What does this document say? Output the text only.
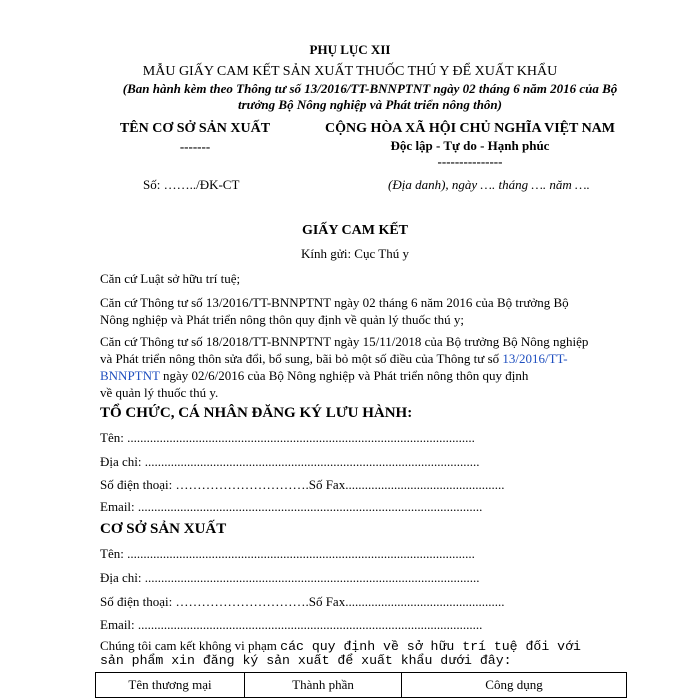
PHỤ LỤC XII
MẪU GIẤY CAM KẾT SẢN XUẤT THUỐC THÚ Y ĐỂ XUẤT KHẨU
(Ban hành kèm theo Thông tư số 13/2016/TT-BNNPTNT ngày 02 tháng 6 năm 2016 của Bộ
trưởng Bộ Nông nghiệp và Phát triển nông thôn)
TÊN CƠ SỞ SẢN XUẤT
-------
Số: ……../ĐK-CT
CỘNG HÒA XÃ HỘI CHỦ NGHĨA VIỆT NAM
Độc lập - Tự do - Hạnh phúc
---------------
(Địa danh), ngày …. tháng …. năm ….
GIẤY CAM KẾT
Kính gửi: Cục Thú y
Căn cứ Luật sở hữu trí tuệ;
Căn cứ Thông tư số 13/2016/TT-BNNPTNT ngày 02 tháng 6 năm 2016 của Bộ trưởng Bộ
Nông nghiệp và Phát triển nông thôn quy định về quản lý thuốc thú y;
Căn cứ Thông tư số 18/2018/TT-BNNPTNT ngày 15/11/2018 của Bộ trưởng Bộ Nông nghiệp
và Phát triển nông thôn sửa đổi, bổ sung, bãi bỏ một số điều của Thông tư số 13/2016/TT-
BNNPTNT ngày 02/6/2016 của Bộ Nông nghiệp và Phát triển nông thôn quy định
về quản lý thuốc thú y.
TỔ CHỨC, CÁ NHÂN ĐĂNG KÝ LƯU HÀNH:
Tên: ...........................................................................................................
Địa chỉ: .......................................................................................................
Số điện thoại: ………………………….Số Fax.................................................
Email: ..........................................................................................................
CƠ SỞ SẢN XUẤT
Tên: ...........................................................................................................
Địa chỉ: .......................................................................................................
Số điện thoại: ………………………….Số Fax.................................................
Email: ..........................................................................................................
Chúng tôi cam kết không vi phạm các quy định về sở hữu trí tuệ đối với
sản phẩm xin đăng ký sản xuất để xuất khẩu dưới đây:
Tên thương mại	Thành phần	Công dụng
